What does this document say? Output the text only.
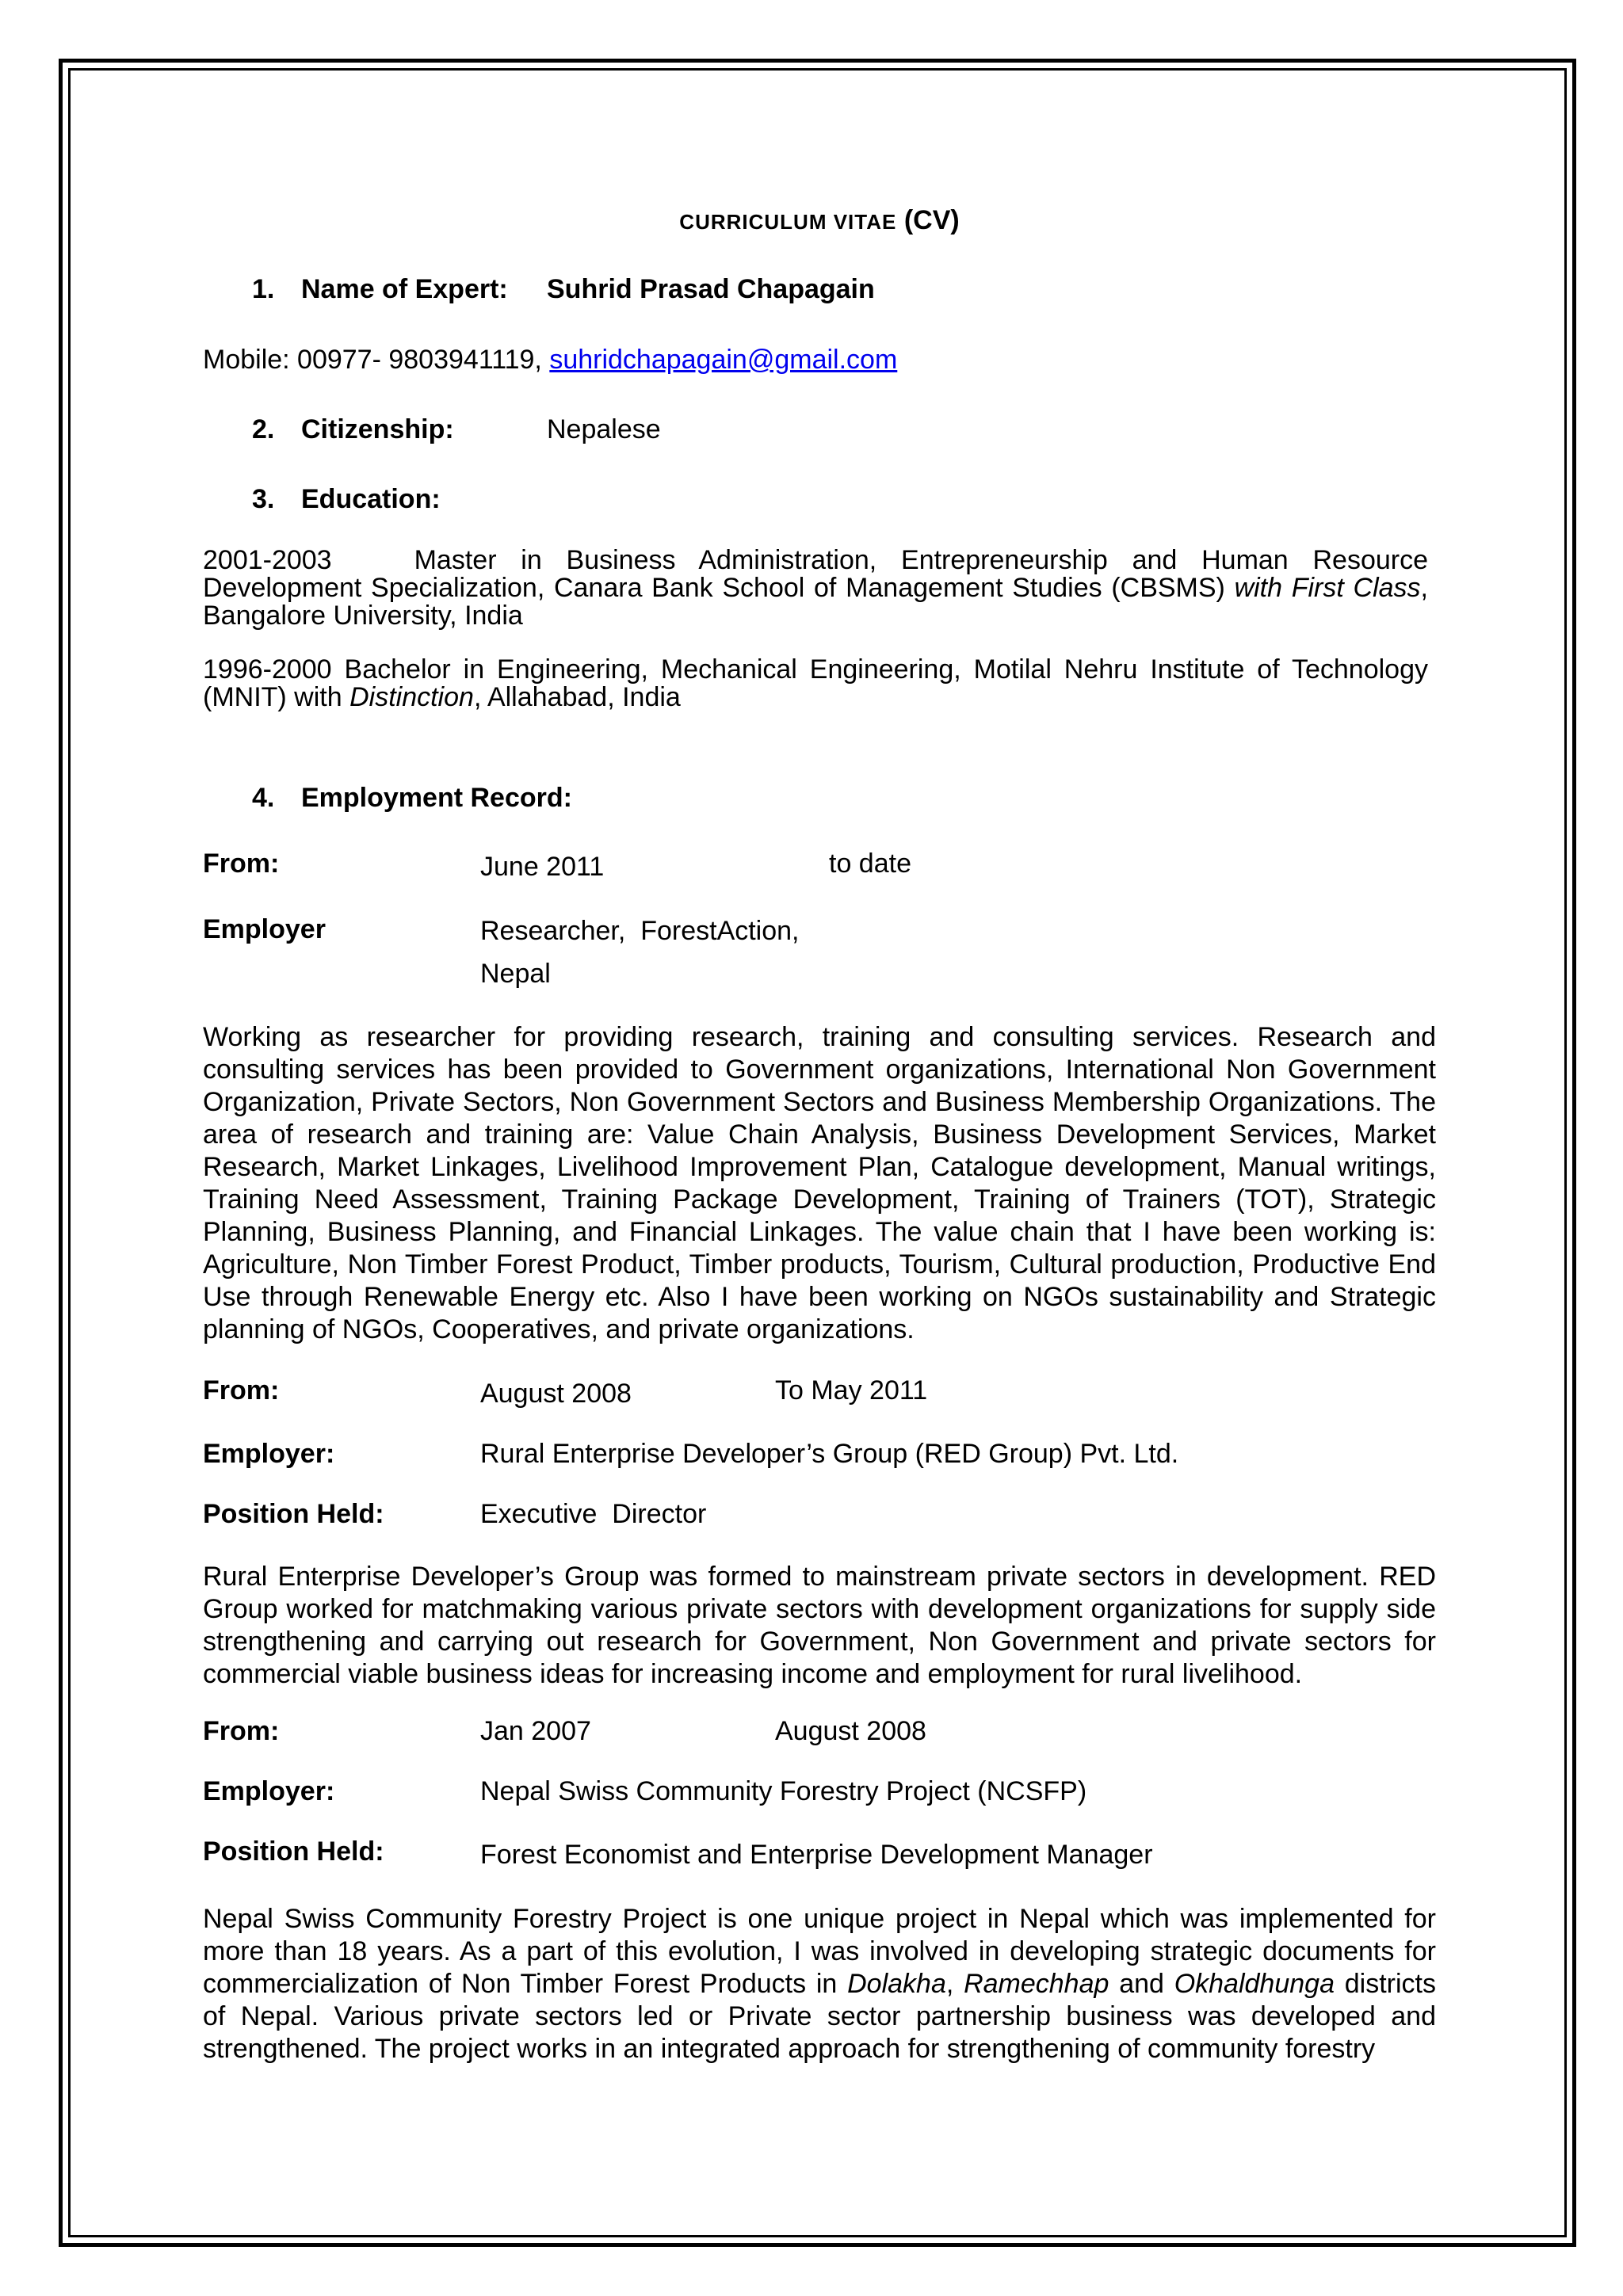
CURRICULUM VITAE (CV)
1. Name of Expert: Suhrid Prasad Chapagain
Mobile: 00977- 9803941119, suhridchapagain@gmail.com
2. Citizenship:	Nepalese
3. Education:
2001-2003	Master in Business Administration, Entrepreneurship and Human Resource Development Specialization, Canara Bank School of Management Studies (CBSMS) with First Class, Bangalore University, India
1996-2000 Bachelor in Engineering, Mechanical Engineering, Motilal Nehru Institute of Technology (MNIT) with Distinction, Allahabad, India
4. Employment Record:
From:	June 2011	to date
Employer	Researcher,  ForestAction,
Nepal
Working as researcher for providing research, training and consulting services. Research and consulting services has been provided to Government organizations, International Non Government Organization, Private Sectors, Non Government Sectors and Business Membership Organizations. The area of research and training are: Value Chain Analysis, Business Development Services, Market Research, Market Linkages, Livelihood Improvement Plan, Catalogue development, Manual writings, Training Need Assessment, Training Package Development, Training of Trainers (TOT), Strategic Planning, Business Planning, and Financial Linkages. The value chain that I have been working is: Agriculture, Non Timber Forest Product, Timber products, Tourism, Cultural production, Productive End Use through Renewable Energy etc. Also I have been working on NGOs sustainability and Strategic planning of NGOs, Cooperatives, and private organizations.
From:	August 2008	To May 2011
Employer:	Rural Enterprise Developer’s Group (RED Group) Pvt. Ltd.
Position Held:	Executive  Director
Rural Enterprise Developer’s Group was formed to mainstream private sectors in development. RED Group worked for matchmaking various private sectors with development organizations for supply side strengthening and carrying out research for Government, Non Government and private sectors for commercial viable business ideas for increasing income and employment for rural livelihood.
From:	Jan 2007	August 2008
Employer:	Nepal Swiss Community Forestry Project (NCSFP)
Position Held:	Forest Economist and Enterprise Development Manager
Nepal Swiss Community Forestry Project is one unique project in Nepal which was implemented for more than 18 years. As a part of this evolution, I was involved in developing strategic documents for commercialization of Non Timber Forest Products in Dolakha, Ramechhap and Okhaldhunga districts of Nepal. Various private sectors led or Private sector partnership business was developed and strengthened. The project works in an integrated approach for strengthening of community forestry
